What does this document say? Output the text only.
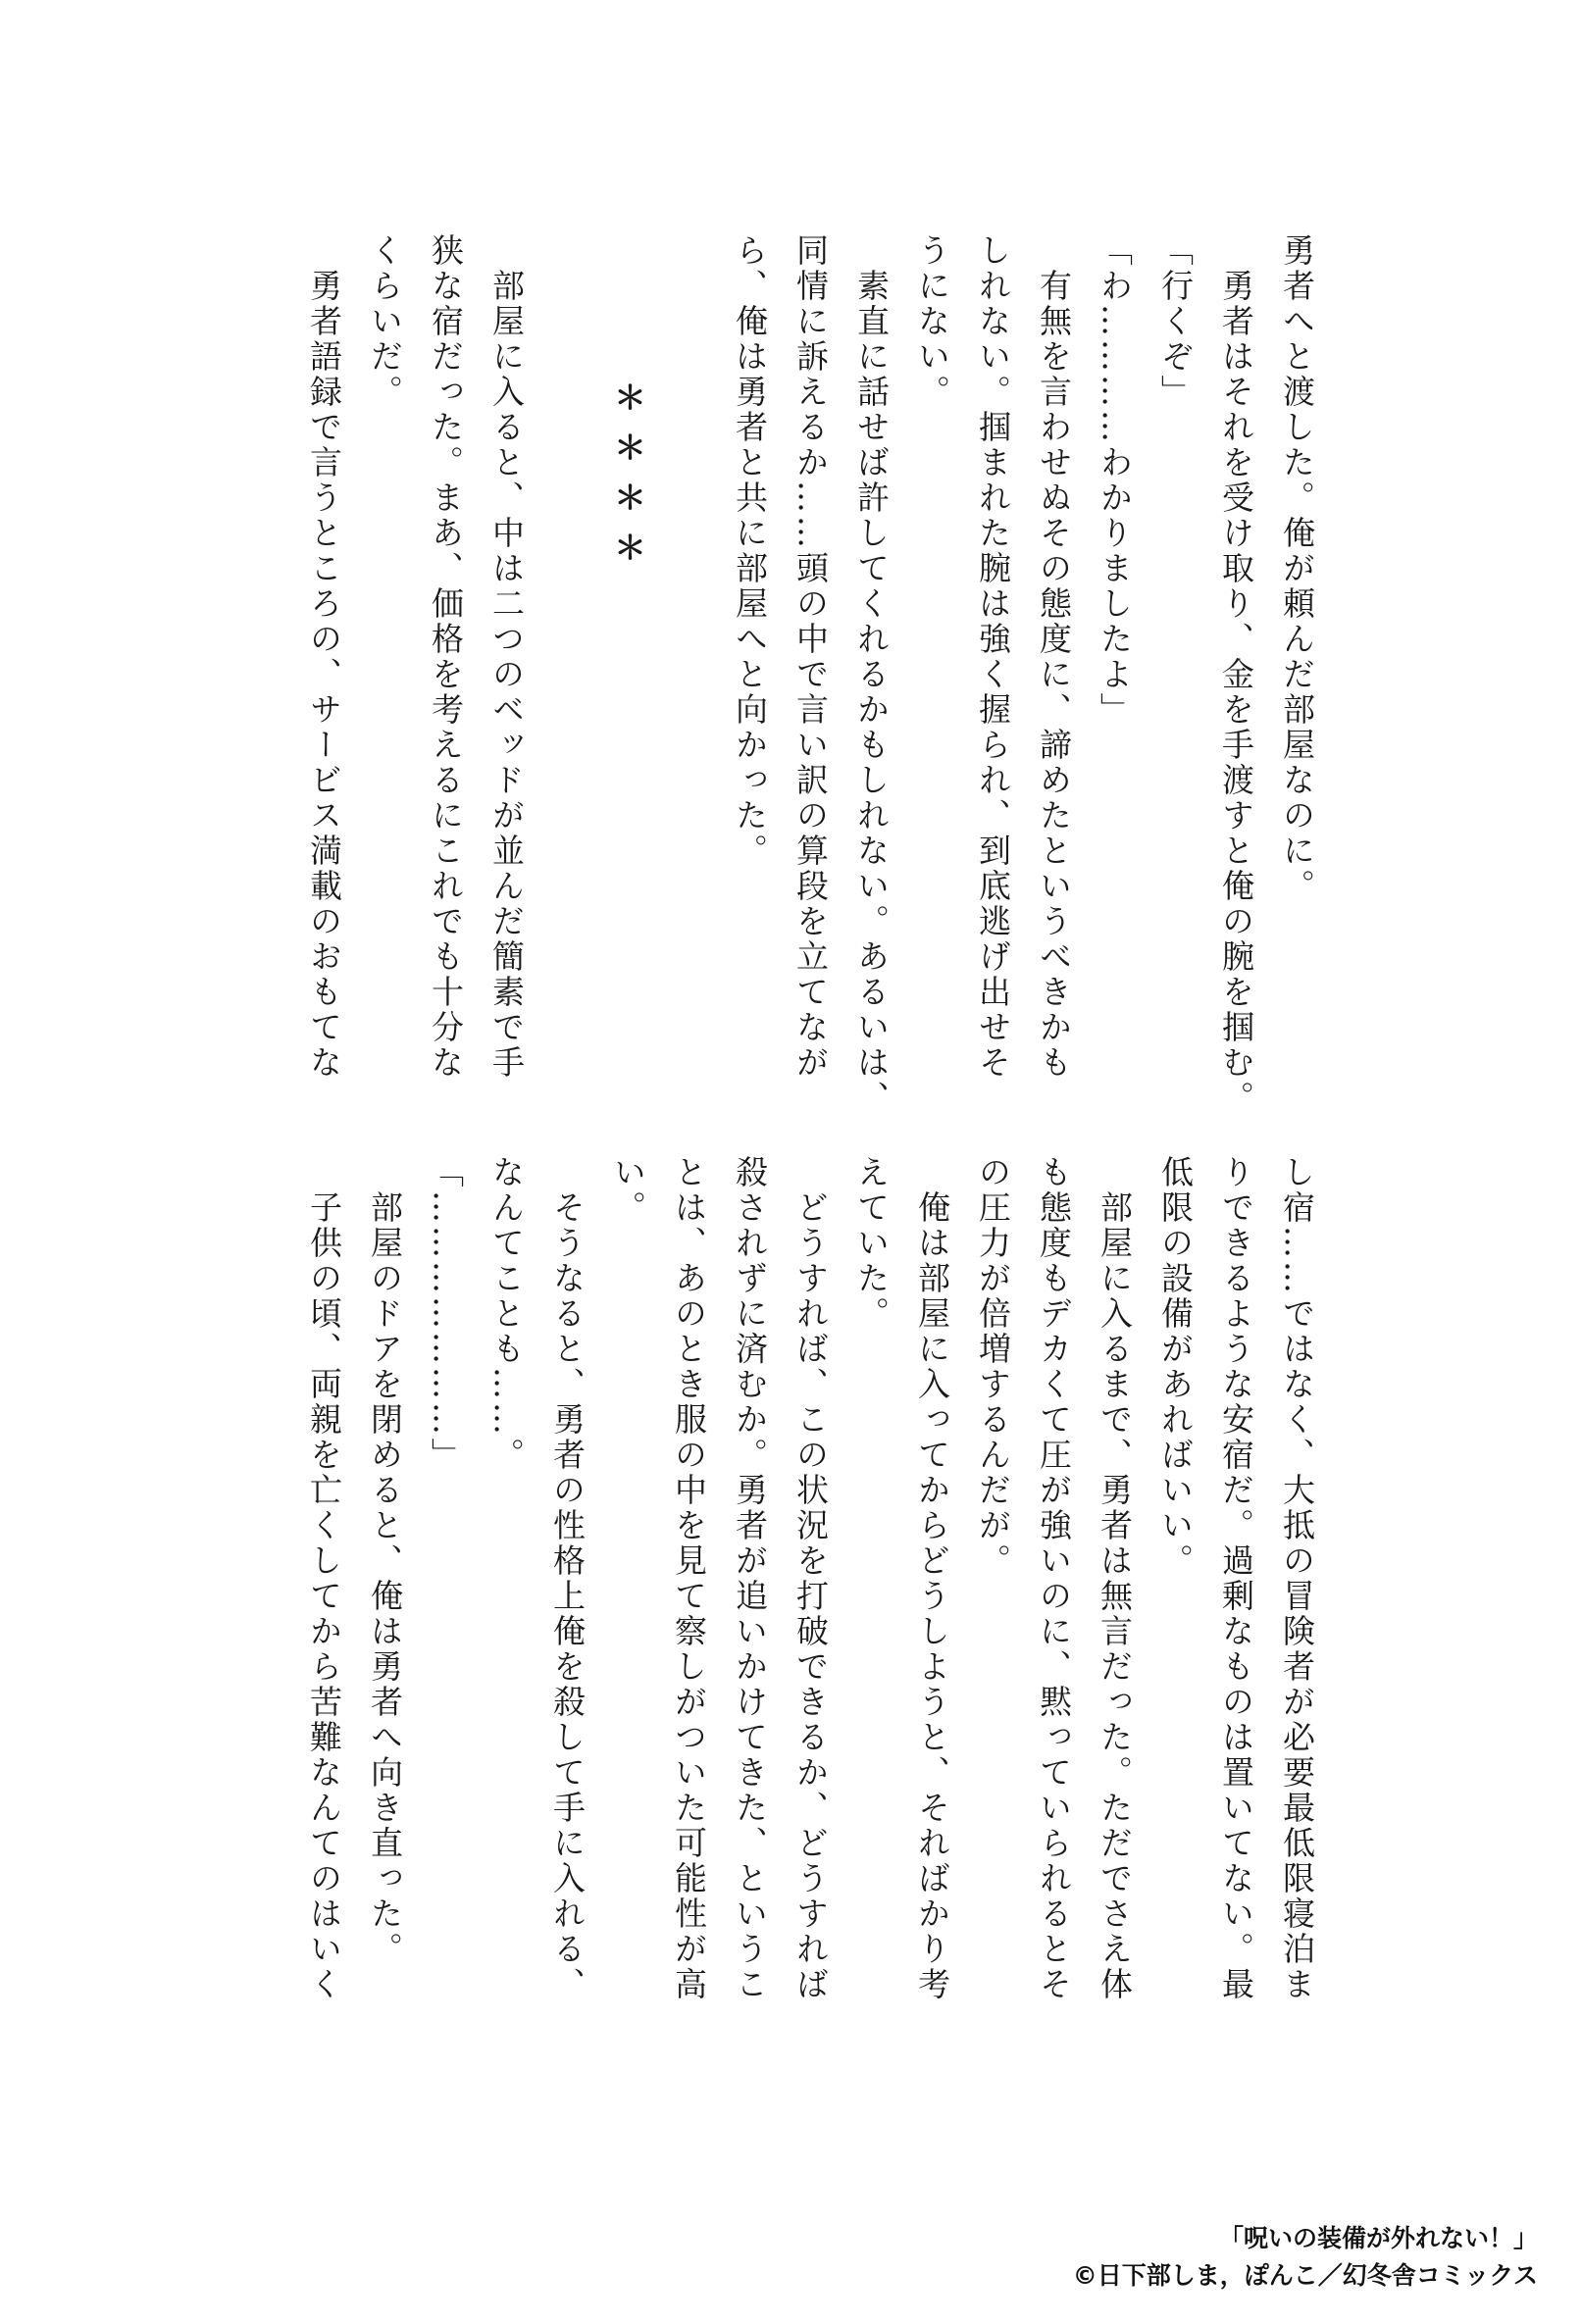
勇者へと渡した。俺が頼んだ部屋なのに。

　勇者はそれを受け取り、金を手渡すと俺の腕を掴む。

「行くぞ」

「わ…………わかりましたよ」

　有無を言わせぬその態度に、諦めたというべきかも

しれない。掴まれた腕は強く握られ、到底逃げ出せそ

うにない。

　素直に話せば許してくれるかもしれない。あるいは、

同情に訴えるか……頭の中で言い訳の算段を立てなが

ら、俺は勇者と共に部屋へと向かった。

＊＊＊＊

　部屋に入ると、中は二つのベッドが並んだ簡素で手

狭な宿だった。まあ、価格を考えるにこれでも十分な

くらいだ。

　勇者語録で言うところの、サービス満載のおもてな

し宿……ではなく、大抵の冒険者が必要最低限寝泊ま

りできるような安宿だ。過剰なものは置いてない。最

低限の設備があればいい。

　部屋に入るまで、勇者は無言だった。ただでさえ体

も態度もデカくて圧が強いのに、黙っていられるとそ

の圧力が倍増するんだが。

　俺は部屋に入ってからどうしようと、そればかり考

えていた。

　どうすれば、この状況を打破できるか、どうすれば

殺されずに済むか。勇者が追いかけてきた、というこ

とは、あのとき服の中を見て察しがついた可能性が高

い。

　そうなると、勇者の性格上俺を殺して手に入れる、

なんてことも……。

「…………………」

　部屋のドアを閉めると、俺は勇者へ向き直った。

　子供の頃、両親を亡くしてから苦難なんてのはいく

「呪いの装備が外れない！」
©日下部しま，ぽんこ／幻冬舎コミックス
